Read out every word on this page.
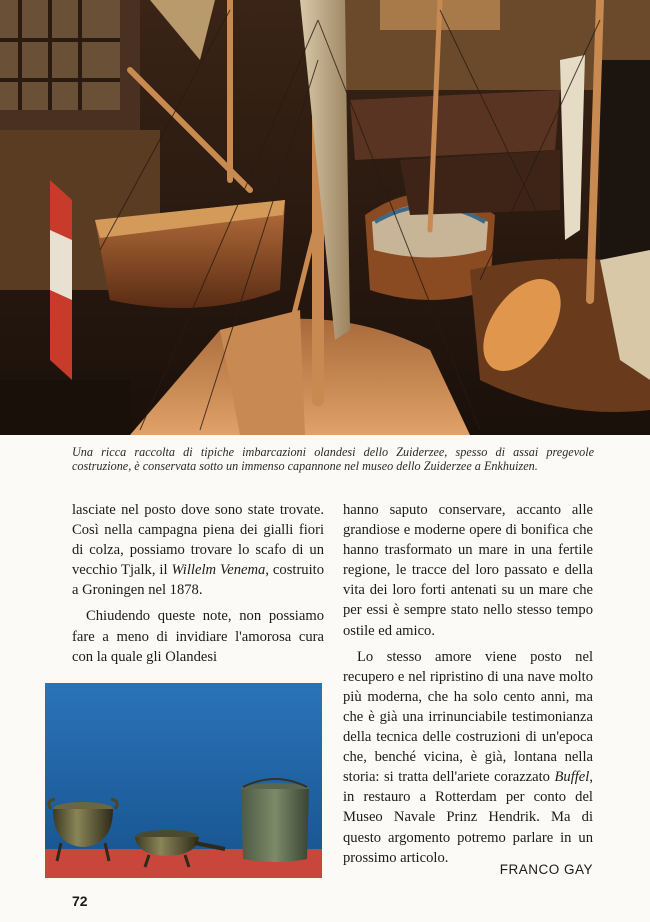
Una ricca raccolta di tipiche imbarcazioni olandesi dello Zuiderzee, spesso di assai pregevole costruzione, è conservata sotto un immenso capannone nel museo dello Zuiderzee a Enkhuizen.

lasciate nel posto dove sono state trovate. Così nella campagna piena dei gialli fiori di colza, possiamo trovare lo scafo di un vecchio Tjalk, il Willelm Venema, costruito a Groningen nel 1878.

Chiudendo queste note, non possiamo fare a meno di invidiare l'amorosa cura con la quale gli Olandesi

hanno saputo conservare, accanto alle grandiose e moderne opere di bonifica che hanno trasformato un mare in una fertile regione, le tracce del loro passato e della vita dei loro forti antenati su un mare che per essi è sempre stato nello stesso tempo ostile ed amico.

Lo stesso amore viene posto nel recupero e nel ripristino di una nave molto più moderna, che ha solo cento anni, ma che è già una irrinunciabile testimonianza della tecnica delle costruzioni di un'epoca che, benché vicina, è già, lontana nella storia: si tratta dell'ariete corazzato Buffel, in restauro a Rotterdam per conto del Museo Navale Prinz Hendrik. Ma di questo argomento potremo parlare in un prossimo articolo.

FRANCO GAY
72
